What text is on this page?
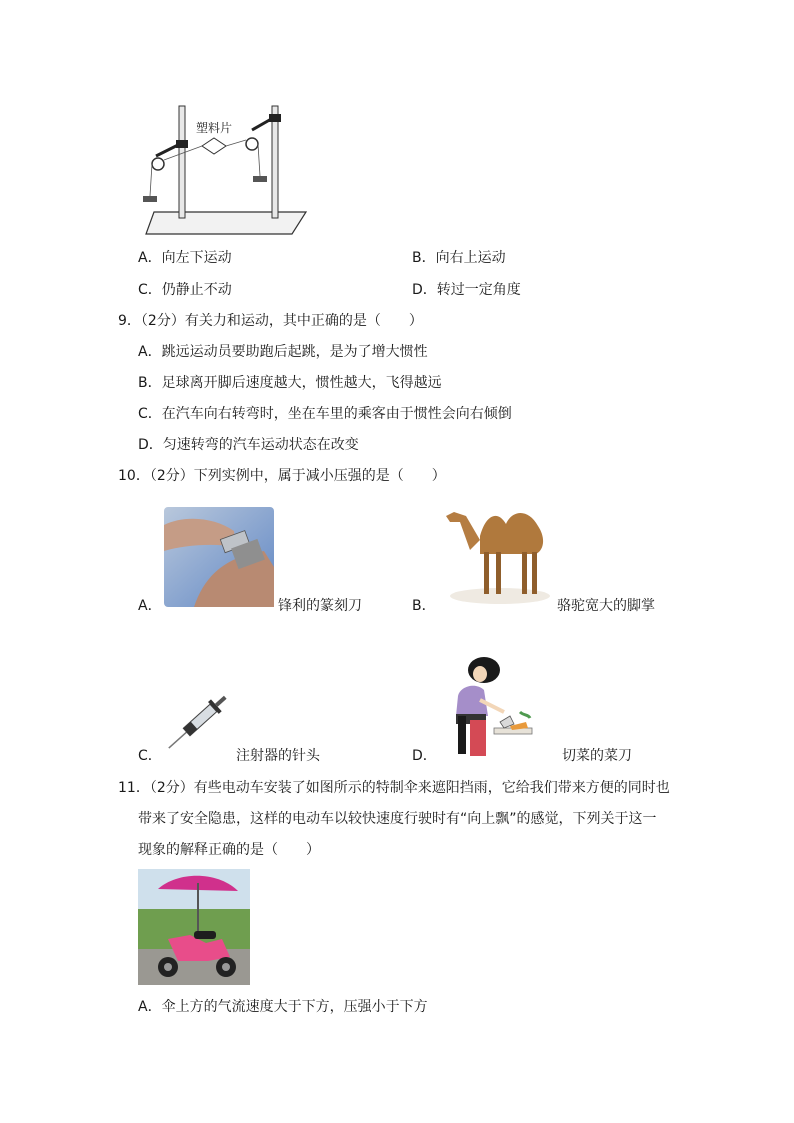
塑料片
A．向左下运动	B．向右上运动
C．仍静止不动	D．转过一定角度
9．（2分）有关力和运动，其中正确的是（　　）
A．跳远运动员要助跑后起跳，是为了增大惯性
B．足球离开脚后速度越大，惯性越大，飞得越远
C．在汽车向右转弯时，坐在车里的乘客由于惯性会向右倾倒
D．匀速转弯的汽车运动状态在改变
10．（2分）下列实例中，属于减小压强的是（　　）
A．	锋利的篆刻刀	B．	骆驼宽大的脚掌
C．	注射器的针头	D．	切菜的菜刀
11．（2分）有些电动车安装了如图所示的特制伞来遮阳挡雨，它给我们带来方便的同时也
带来了安全隐患，这样的电动车以较快速度行驶时有“向上飘”的感觉，下列关于这一
现象的解释正确的是（　　）
A．伞上方的气流速度大于下方，压强小于下方
